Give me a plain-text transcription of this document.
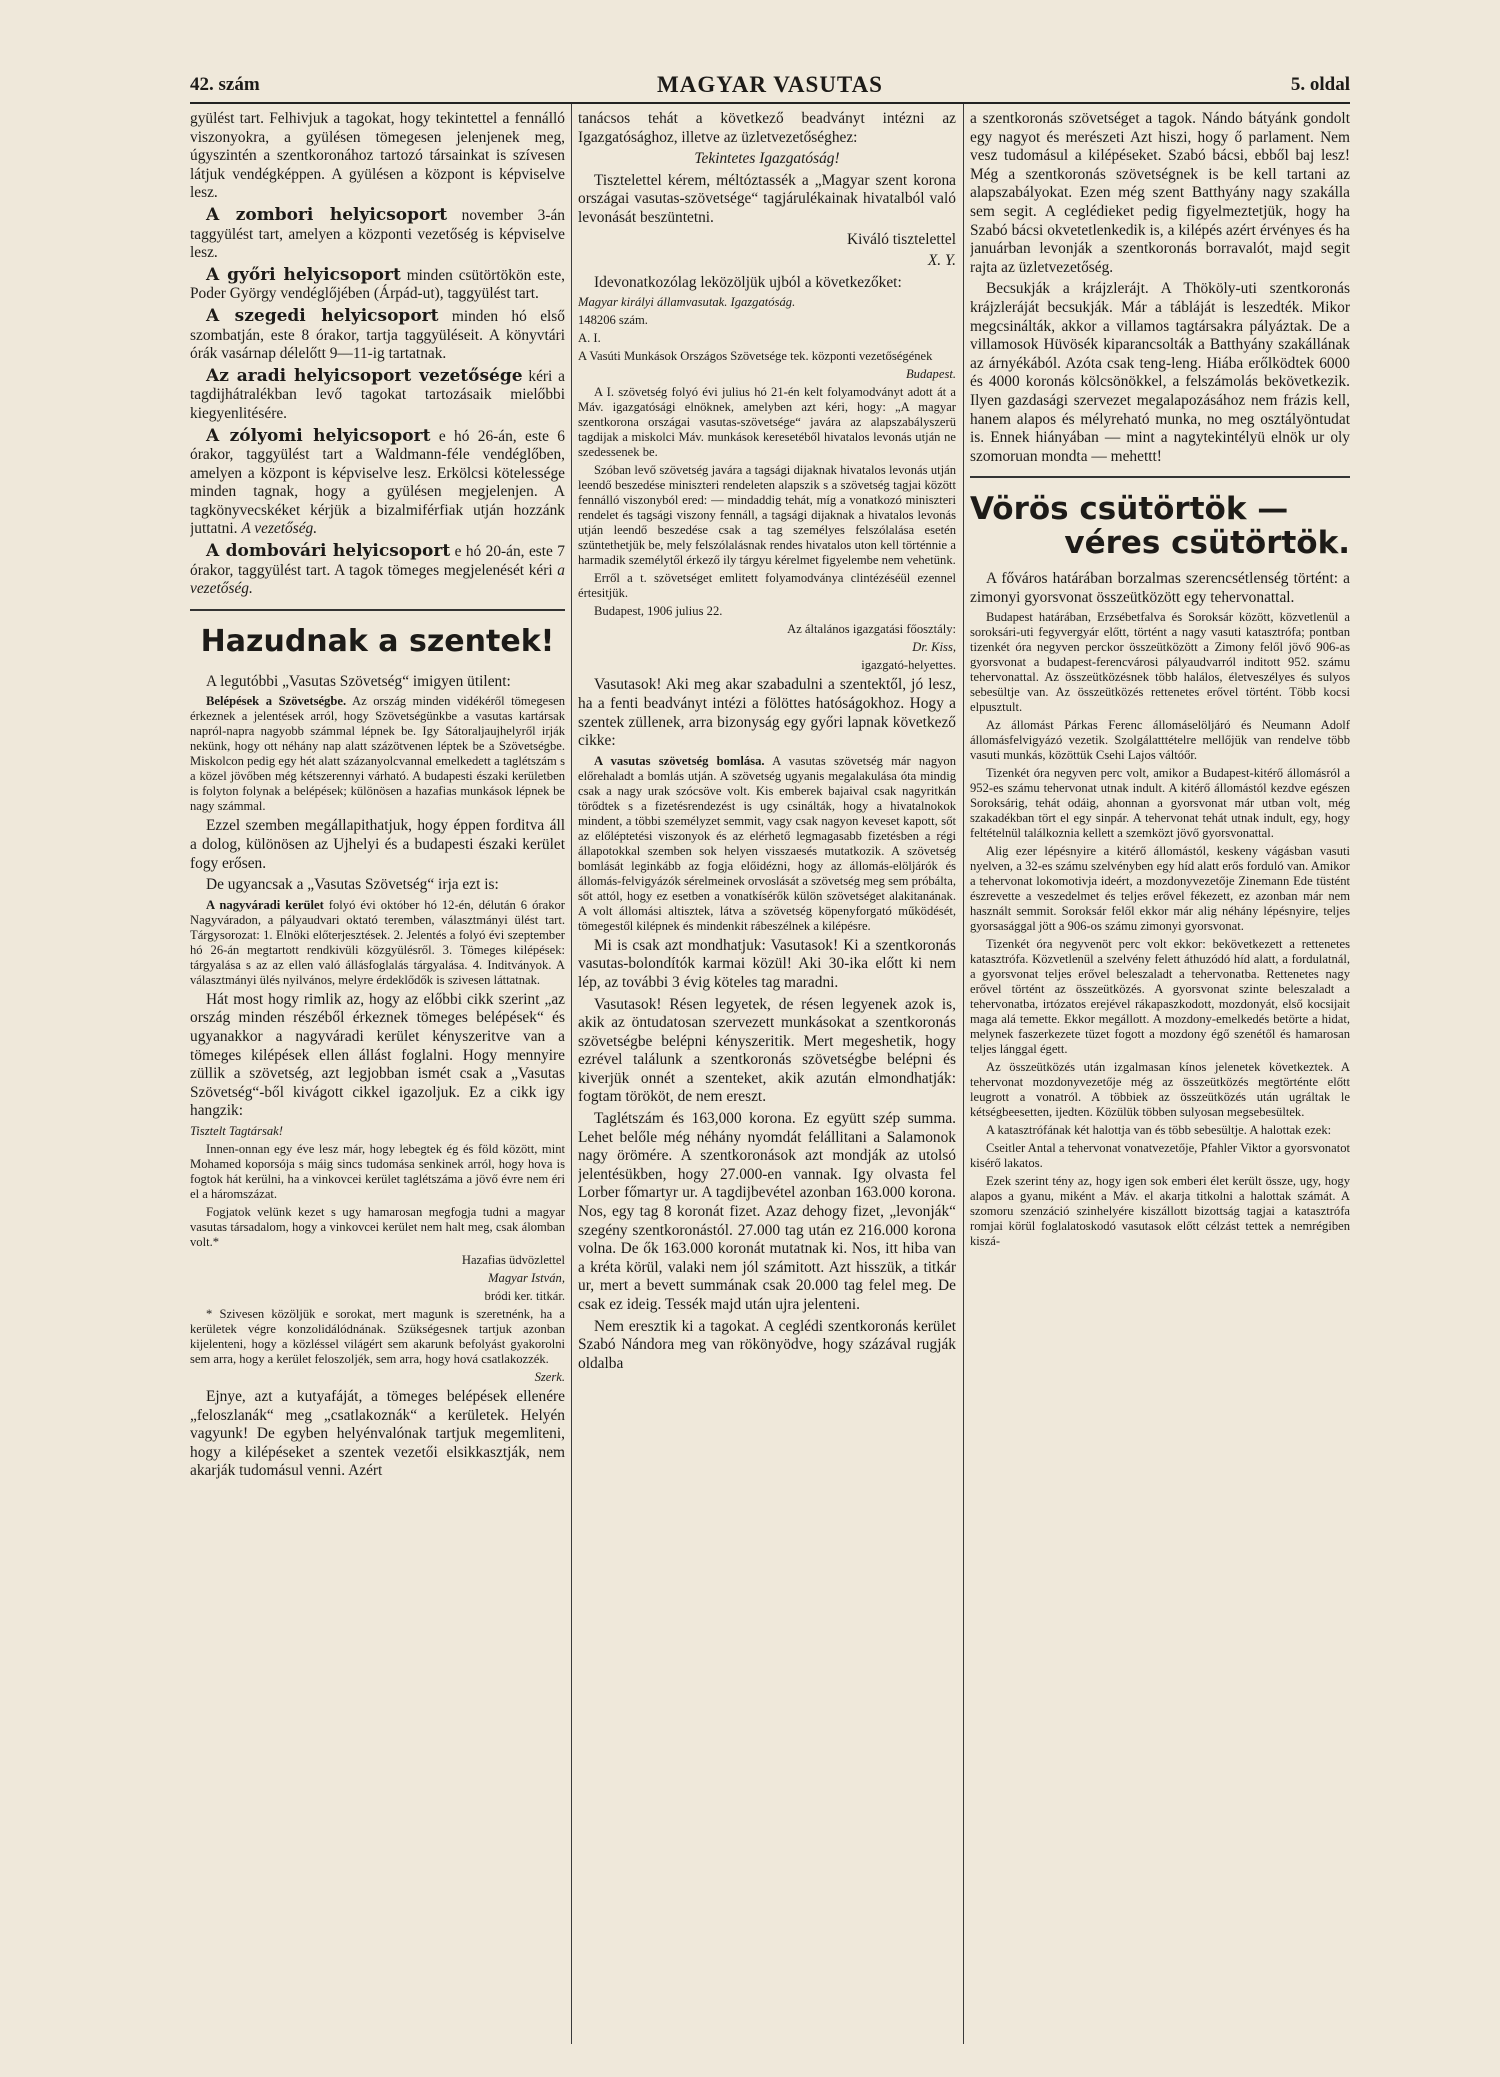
42. szám	MAGYAR VASUTAS	5. oldal

gyülést tart. Felhivjuk a tagokat, hogy tekintettel a fennálló viszonyokra, a gyülésen tömegesen jelenjenek meg, úgyszintén a szentkoronához tartozó társainkat is szívesen látjuk vendégképpen. A gyülésen a központ is képviselve lesz.

A zombori helyicsoport november 3-án taggyülést tart, amelyen a központi vezetőség is képviselve lesz.

A győri helyicsoport minden csütörtökön este, Poder György vendéglőjében (Árpád-ut), taggyülést tart.

A szegedi helyicsoport minden hó első szombatján, este 8 órakor, tartja taggyüléseit. A könyvtári órák vasárnap délelőtt 9—11-ig tartatnak.

Az aradi helyicsoport vezetősége kéri a tagdijhátralékban levő tagokat tartozásaik mielőbbi kiegyenlitésére.

A zólyomi helyicsoport e hó 26-án, este 6 órakor, taggyülést tart a Waldmann-féle vendéglőben, amelyen a központ is képviselve lesz. Erkölcsi kötelessége minden tagnak, hogy a gyülésen megjelenjen. A tagkönyvecskéket kérjük a bizalmiférfiak utján hozzánk juttatni. A vezetőség.

A dombovári helyicsoport e hó 20-án, este 7 órakor, taggyülést tart. A tagok tömeges megjelenését kéri a vezetőség.

Hazudnak a szentek!

A legutóbbi „Vasutas Szövetség“ imigyen ütilent:

Belépések a Szövetségbe. Az ország minden vidékéről tömegesen érkeznek a jelentések arról, hogy Szövetségünkbe a vasutas kartársak napról-napra nagyobb számmal lépnek be. Igy Sátoraljaujhelyről irják nekünk, hogy ott néhány nap alatt százötvenen léptek be a Szövetségbe. Miskolcon pedig egy hét alatt százanyolcvannal emelkedett a taglétszám s a közel jövőben még kétszerennyi várható. A budapesti északi kerületben is folyton folynak a belépések; különösen a hazafias munkások lépnek be nagy számmal.

Ezzel szemben megállapithatjuk, hogy éppen forditva áll a dolog, különösen az Ujhelyi és a budapesti északi kerület fogy erősen.

De ugyancsak a „Vasutas Szövetség“ irja ezt is:

A nagyváradi kerület folyó évi október hó 12-én, délután 6 órakor Nagyváradon, a pályaudvari oktató teremben, választmányi ülést tart. Tárgysorozat: 1. Elnöki előterjesztések. 2. Jelentés a folyó évi szeptember hó 26-án megtartott rendkivüli közgyülésről. 3. Tömeges kilépések: tárgyalása s az az ellen való állásfoglalás tárgyalása. 4. Inditványok. A választmányi ülés nyilvános, melyre érdeklődők is szivesen láttatnak.

Hát most hogy rimlik az, hogy az előbbi cikk szerint „az ország minden részéből érkeznek tömeges belépések“ és ugyanakkor a nagyváradi kerület kényszeritve van a tömeges kilépések ellen állást foglalni. Hogy mennyire züllik a szövetség, azt legjobban ismét csak a „Vasutas Szövetség“-ből kivágott cikkel igazoljuk. Ez a cikk igy hangzik:

Tisztelt Tagtársak!

Innen-onnan egy éve lesz már, hogy lebegtek ég és föld között, mint Mohamed koporsója s máig sincs tudomása senkinek arról, hogy hova is fogtok hát kerülni, ha a vinkovcei kerület taglétszáma a jövő évre nem éri el a háromszázat.

Fogjatok velünk kezet s ugy hamarosan megfogja tudni a magyar vasutas társadalom, hogy a vinkovcei kerület nem halt meg, csak álomban volt.*

Hazafias üdvözlettel

Magyar István,

bródi ker. titkár.

* Szivesen közöljük e sorokat, mert magunk is szeretnénk, ha a kerületek végre konzolidálódnának. Szükségesnek tartjuk azonban kijelenteni, hogy a közléssel világért sem akarunk befolyást gyakorolni sem arra, hogy a kerület feloszoljék, sem arra, hogy hová csatlakozzék.

Szerk.

Ejnye, azt a kutyafáját, a tömeges belépések ellenére „feloszlanák“ meg „csatlakoznák“ a kerületek. Helyén vagyunk! De egyben helyénvalónak tartjuk megemliteni, hogy a kilépéseket a szentek vezetői elsikkasztják, nem akarják tudomásul venni. Azért

tanácsos tehát a következő beadványt intézni az Igazgatósághoz, illetve az üzletvezetőséghez:

Tekintetes Igazgatóság!

Tisztelettel kérem, méltóztassék a „Magyar szent korona országai vasutas-szövetsége“ tagjárulékainak hivatalból való levonását beszüntetni.

Kiváló tisztelettel

X. Y.

Idevonatkozólag leközöljük ujból a következőket:

Magyar királyi államvasutak. Igazgatóság.

148206 szám.

A. I.

A Vasúti Munkások Országos Szövetsége tek. központi vezetőségének

Budapest.

A I. szövetség folyó évi julius hó 21-én kelt folyamodványt adott át a Máv. igazgatósági elnöknek, amelyben azt kéri, hogy: „A magyar szentkorona országai vasutas-szövetsége“ javára az alapszabályszerü tagdijak a miskolci Máv. munkások keresetéből hivatalos levonás utján ne szedessenek be.

Szóban levő szövetség javára a tagsági dijaknak hivatalos levonás utján leendő beszedése miniszteri rendeleten alapszik s a szövetség tagjai között fennálló viszonyból ered: — mindaddig tehát, míg a vonatkozó miniszteri rendelet és tagsági viszony fennáll, a tagsági dijaknak a hivatalos levonás utján leendő beszedése csak a tag személyes felszólalása esetén szüntethetjük be, mely felszólalásnak rendes hivatalos uton kell történnie a harmadik személytől érkező ily tárgyu kérelmet figyelembe nem vehetünk.

Erről a t. szövetséget emlitett folyamodványa clintézéséül ezennel értesitjük.

Budapest, 1906 julius 22.

Az általános igazgatási főosztály:

Dr. Kiss,

igazgató-helyettes.

Vasutasok! Aki meg akar szabadulni a szentektől, jó lesz, ha a fenti beadványt intézi a fölöttes hatóságokhoz. Hogy a szentek züllenek, arra bizonyság egy győri lapnak következő cikke:

A vasutas szövetség bomlása. A vasutas szövetség már nagyon előrehaladt a bomlás utján. A szövetség ugyanis megalakulása óta mindig csak a nagy urak szócsöve volt. Kis emberek bajaival csak nagyritkán törődtek s a fizetésrendezést is ugy csinálták, hogy a hivatalnokok mindent, a többi személyzet semmit, vagy csak nagyon keveset kapott, sőt az előléptetési viszonyok és az elérhető legmagasabb fizetésben a régi állapotokkal szemben sok helyen visszaesés mutatkozik. A szövetség bomlását leginkább az fogja előidézni, hogy az állomás-elöljárók és állomás-felvigyázók sérelmeinek orvoslását a szövetség meg sem próbálta, sőt attól, hogy ez esetben a vonatkísérők külön szövetséget alakitanának. A volt állomási altisztek, látva a szövetség köpenyforgató működését, tömegestől kilépnek és mindenkit rábeszélnek a kilépésre.

Mi is csak azt mondhatjuk: Vasutasok! Ki a szentkoronás vasutas-bolondítók karmai közül! Aki 30-ika előtt ki nem lép, az további 3 évig köteles tag maradni.

Vasutasok! Résen legyetek, de résen legyenek azok is, akik az öntudatosan szervezett munkásokat a szentkoronás szövetségbe belépni kényszeritik. Mert megeshetik, hogy ezrével találunk a szentkoronás szövetségbe belépni és kiverjük onnét a szenteket, akik azután elmondhatják: fogtam törököt, de nem ereszt.

Taglétszám és 163,000 korona. Ez együtt szép summa. Lehet belőle még néhány nyomdát felállitani a Salamonok nagy örömére. A szentkoronások azt mondják az utolsó jelentésükben, hogy 27.000-en vannak. Igy olvasta fel Lorber főmartyr ur. A tagdijbevétel azonban 163.000 korona. Nos, egy tag 8 koronát fizet. Azaz dehogy fizet, „levonják“ szegény szentkoronástól. 27.000 tag után ez 216.000 korona volna. De ők 163.000 koronát mutatnak ki. Nos, itt hiba van a kréta körül, valaki nem jól számitott. Azt hisszük, a titkár ur, mert a bevett summának csak 20.000 tag felel meg. De csak ez ideig. Tessék majd után ujra jelenteni.

Nem eresztik ki a tagokat. A ceglédi szentkoronás kerület Szabó Nándora meg van rökönyödve, hogy százával rugják oldalba

a szentkoronás szövetséget a tagok. Nándo bátyánk gondolt egy nagyot és merészeti Azt hiszi, hogy ő parlament. Nem vesz tudomásul a kilépéseket. Szabó bácsi, ebből baj lesz! Még a szentkoronás szövetségnek is be kell tartani az alapszabályokat. Ezen még szent Batthyány nagy szakálla sem segit. A ceglédieket pedig figyelmeztetjük, hogy ha Szabó bácsi okvetetlenkedik is, a kilépés azért érvényes és ha januárban levonják a szentkoronás borravalót, majd segit rajta az üzletvezetőség.

Becsukják a krájzlerájt. A Thököly-uti szentkoronás krájzleráját becsukják. Már a tábláját is leszedték. Mikor megcsinálták, akkor a villamos tagtársakra pályáztak. De a villamosok Hüvösék kiparancsolták a Batthyány szakállának az árnyékából. Azóta csak teng-leng. Hiába erőlködtek 6000 és 4000 koronás kölcsönökkel, a felszámolás bekövetkezik. Ilyen gazdasági szervezet megalapozásához nem frázis kell, hanem alapos és mélyreható munka, no meg osztályöntudat is. Ennek hiányában — mint a nagytekintélyü elnök ur oly szomoruan mondta — mehettt!

Vörös csütörtök —
véres csütörtök.

A főváros határában borzalmas szerencsétlenség történt: a zimonyi gyorsvonat összeütközött egy tehervonattal.

Budapest határában, Erzsébetfalva és Soroksár között, közvetlenül a soroksári-uti fegyvergyár előtt, történt a nagy vasuti katasztrófa; pontban tizenkét óra negyven perckor összeütközött a Zimony felől jövő 906-as gyorsvonat a budapest-ferencvárosi pályaudvarról inditott 952. számu tehervonattal. Az összeütközésnek több halálos, életveszélyes és sulyos sebesültje van. Az összeütközés rettenetes erővel történt. Több kocsi elpusztult.

Az állomást Párkas Ferenc állomáselöljáró és Neumann Adolf állomásfelvigyázó vezetik. Szolgálatttételre mellőjük van rendelve több vasuti munkás, közöttük Csehi Lajos váltóőr.

Tizenkét óra negyven perc volt, amikor a Budapest-kitérő állomásról a 952-es számu tehervonat utnak indult. A kitérő állomástól kezdve egészen Soroksárig, tehát odáig, ahonnan a gyorsvonat már utban volt, még szakadékban tört el egy sinpár. A tehervonat tehát utnak indult, egy, hogy feltételnül találkoznia kellett a szemközt jövő gyorsvonattal.

Alig ezer lépésnyire a kitérő állomástól, keskeny vágásban vasuti nyelven, a 32-es számu szelvényben egy híd alatt erős forduló van. Amikor a tehervonat lokomotivja ideért, a mozdonyvezetője Zinemann Ede tüstént észrevette a veszedelmet és teljes erővel fékezett, ez azonban már nem használt semmit. Soroksár felől ekkor már alig néhány lépésnyire, teljes gyorsasággal jött a 906-os számu zimonyi gyorsvonat.

Tizenkét óra negyvenöt perc volt ekkor: bekövetkezett a rettenetes katasztrófa. Közvetlenül a szelvény felett áthuzódó híd alatt, a fordulatnál, a gyorsvonat teljes erővel beleszaladt a tehervonatba. Rettenetes nagy erővel történt az összeütközés. A gyorsvonat szinte beleszaladt a tehervonatba, irtózatos erejével rákapaszkodott, mozdonyát, első kocsijait maga alá temette. Ekkor megállott. A mozdony-emelkedés betörte a hidat, melynek faszerkezete tüzet fogott a mozdony égő szenétől és hamarosan teljes lánggal égett.

Az összeütközés után izgalmasan kínos jelenetek következtek. A tehervonat mozdonyvezetője még az összeütközés megtörténte előtt leugrott a vonatról. A többiek az összeütközés után ugráltak le kétségbeesetten, ijedten. Közülük többen sulyosan megsebesültek.

A katasztrófának két halottja van és több sebesültje. A halottak ezek:

Cseitler Antal a tehervonat vonatvezetője, Pfahler Viktor a gyorsvonatot kisérő lakatos.

Ezek szerint tény az, hogy igen sok emberi élet került össze, ugy, hogy alapos a gyanu, miként a Máv. el akarja titkolni a halottak számát. A szomoru szenzáció szinhelyére kiszállott bizottság tagjai a katasztrófa romjai körül foglalatoskodó vasutasok előtt célzást tettek a nemrégiben kiszá-
